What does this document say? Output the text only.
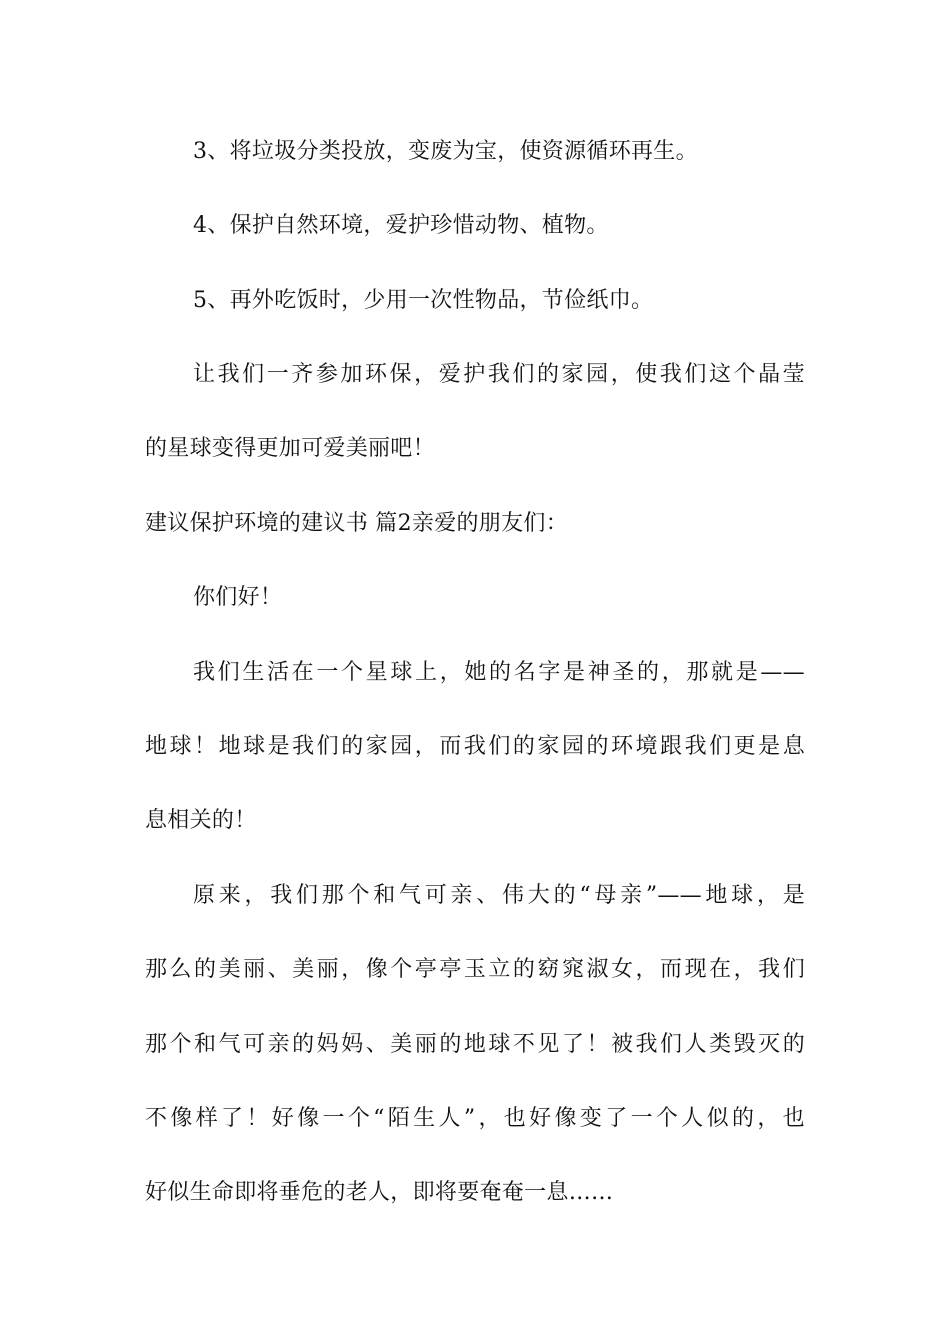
3、将垃圾分类投放，变废为宝，使资源循环再生。
4、保护自然环境，爱护珍惜动物、植物。
5、再外吃饭时，少用一次性物品，节俭纸巾。
让我们一齐参加环保，爱护我们的家园，使我们这个晶莹
的星球变得更加可爱美丽吧！
建议保护环境的建议书 篇2亲爱的朋友们：
你们好！
我们生活在一个星球上，她的名字是神圣的，那就是——
地球！地球是我们的家园，而我们的家园的环境跟我们更是息
息相关的！
原来，我们那个和气可亲、伟大的“母亲”——地球，是
那么的美丽、美丽，像个亭亭玉立的窈窕淑女，而现在，我们
那个和气可亲的妈妈、美丽的地球不见了！被我们人类毁灭的
不像样了！好像一个“陌生人”，也好像变了一个人似的，也
好似生命即将垂危的老人，即将要奄奄一息……
